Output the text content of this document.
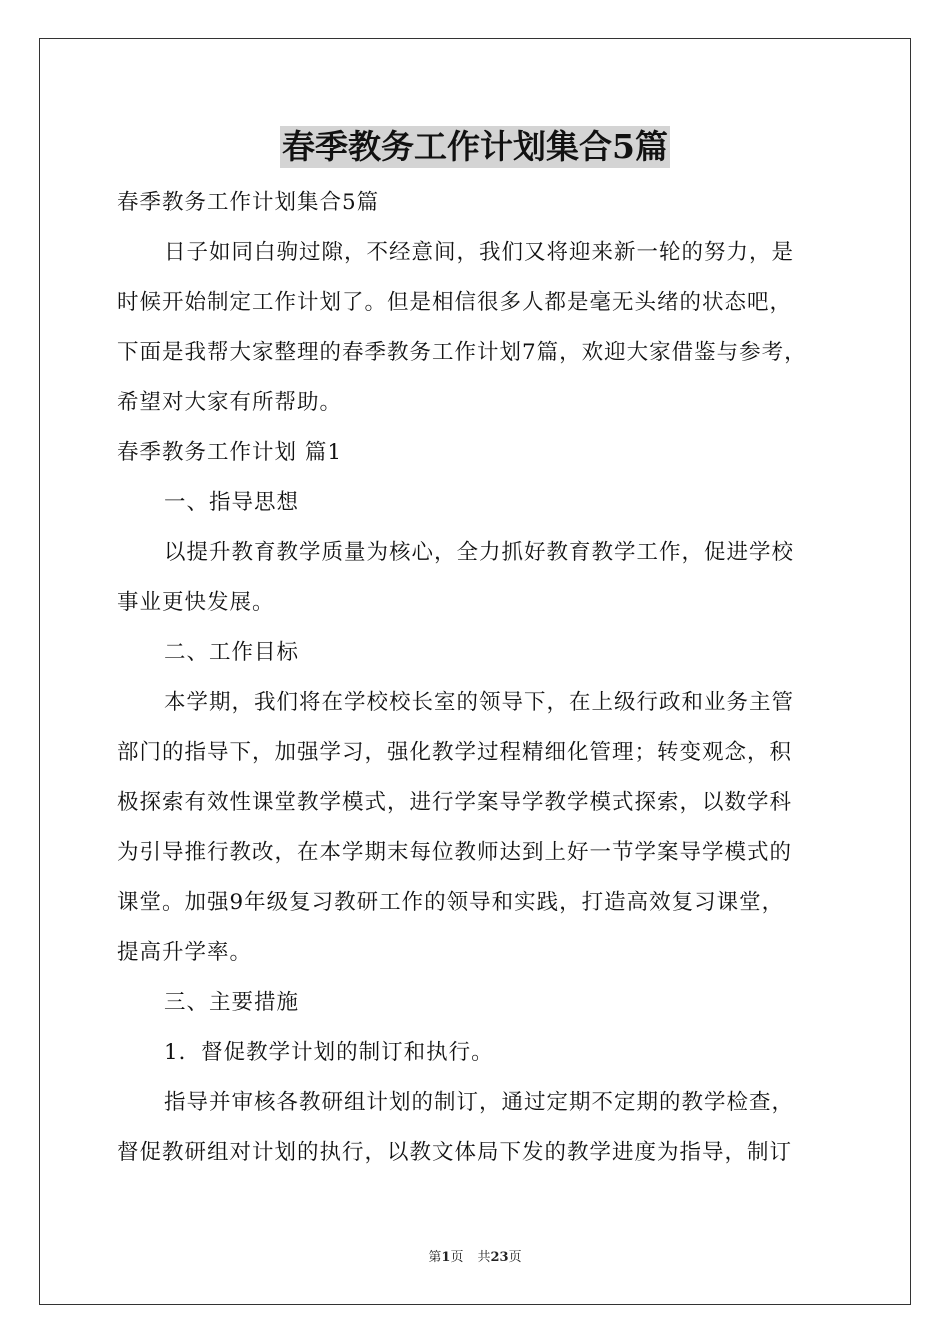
春季教务工作计划集合5篇
春季教务工作计划集合5篇
日子如同白驹过隙，不经意间，我们又将迎来新一轮的努力，是
时候开始制定工作计划了。但是相信很多人都是毫无头绪的状态吧，
下面是我帮大家整理的春季教务工作计划7篇，欢迎大家借鉴与参考，
希望对大家有所帮助。
春季教务工作计划 篇1
一、指导思想
以提升教育教学质量为核心，全力抓好教育教学工作，促进学校
事业更快发展。
二、工作目标
本学期，我们将在学校校长室的领导下，在上级行政和业务主管
部门的指导下，加强学习，强化教学过程精细化管理；转变观念，积
极探索有效性课堂教学模式，进行学案导学教学模式探索，以数学科
为引导推行教改，在本学期末每位教师达到上好一节学案导学模式的
课堂。加强9年级复习教研工作的领导和实践，打造高效复习课堂，
提高升学率。
三、主要措施
1．督促教学计划的制订和执行。
指导并审核各教研组计划的制订，通过定期不定期的教学检查，
督促教研组对计划的执行，以教文体局下发的教学进度为指导，制订
第1页 共23页
